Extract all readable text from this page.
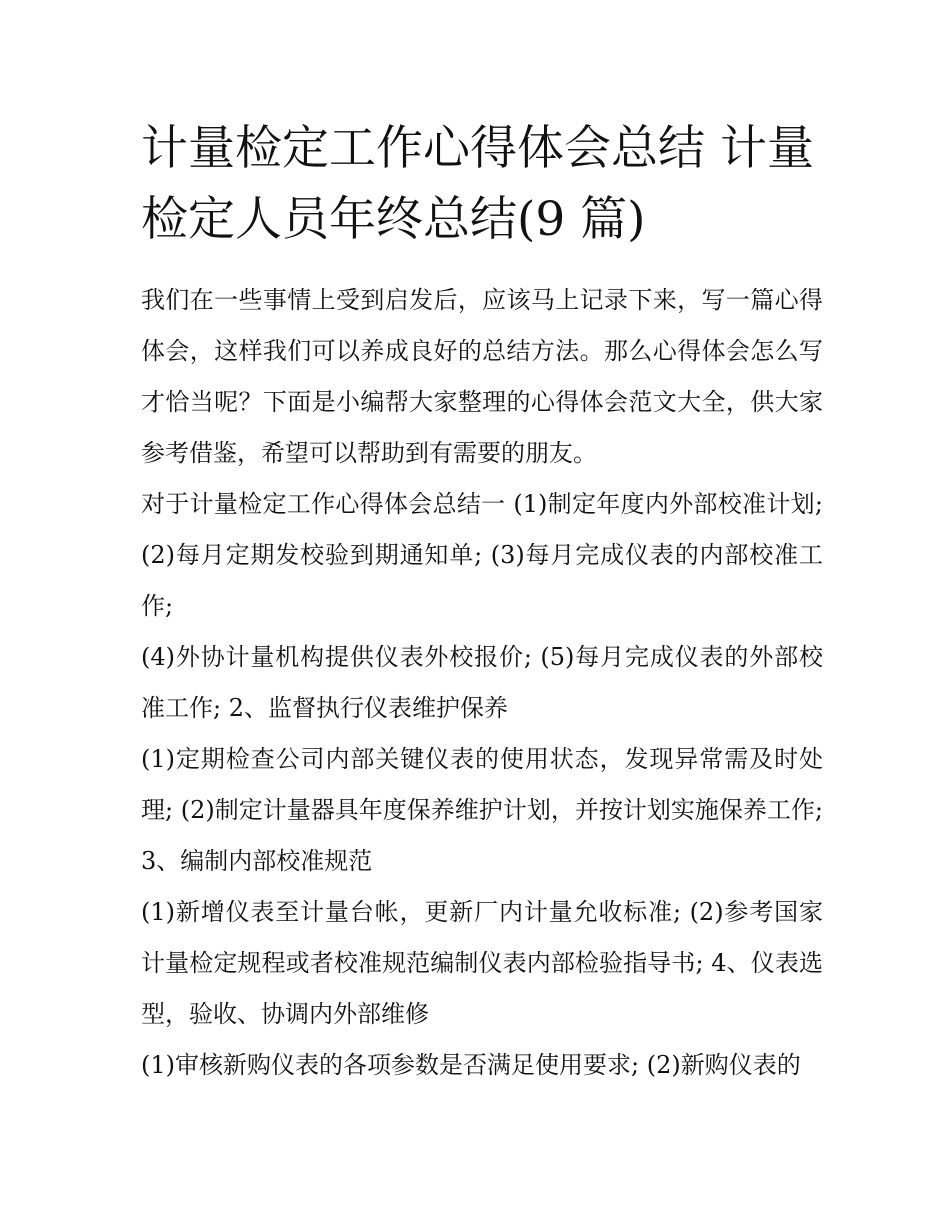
计量检定工作心得体会总结 计量检定人员年终总结(9 篇)

我们在一些事情上受到启发后，应该马上记录下来，写一篇心得体会，这样我们可以养成良好的总结方法。那么心得体会怎么写才恰当呢？下面是小编帮大家整理的心得体会范文大全，供大家参考借鉴，希望可以帮助到有需要的朋友。

对于计量检定工作心得体会总结一 (1)制定年度内外部校准计划; (2)每月定期发校验到期通知单; (3)每月完成仪表的内部校准工作;

(4)外协计量机构提供仪表外校报价; (5)每月完成仪表的外部校准工作; 2、监督执行仪表维护保养

(1)定期检查公司内部关键仪表的使用状态，发现异常需及时处理; (2)制定计量器具年度保养维护计划，并按计划实施保养工作; 3、编制内部校准规范

(1)新增仪表至计量台帐，更新厂内计量允收标准; (2)参考国家计量检定规程或者校准规范编制仪表内部检验指导书; 4、仪表选型，验收、协调内外部维修

(1)审核新购仪表的各项参数是否满足使用要求; (2)新购仪表的
